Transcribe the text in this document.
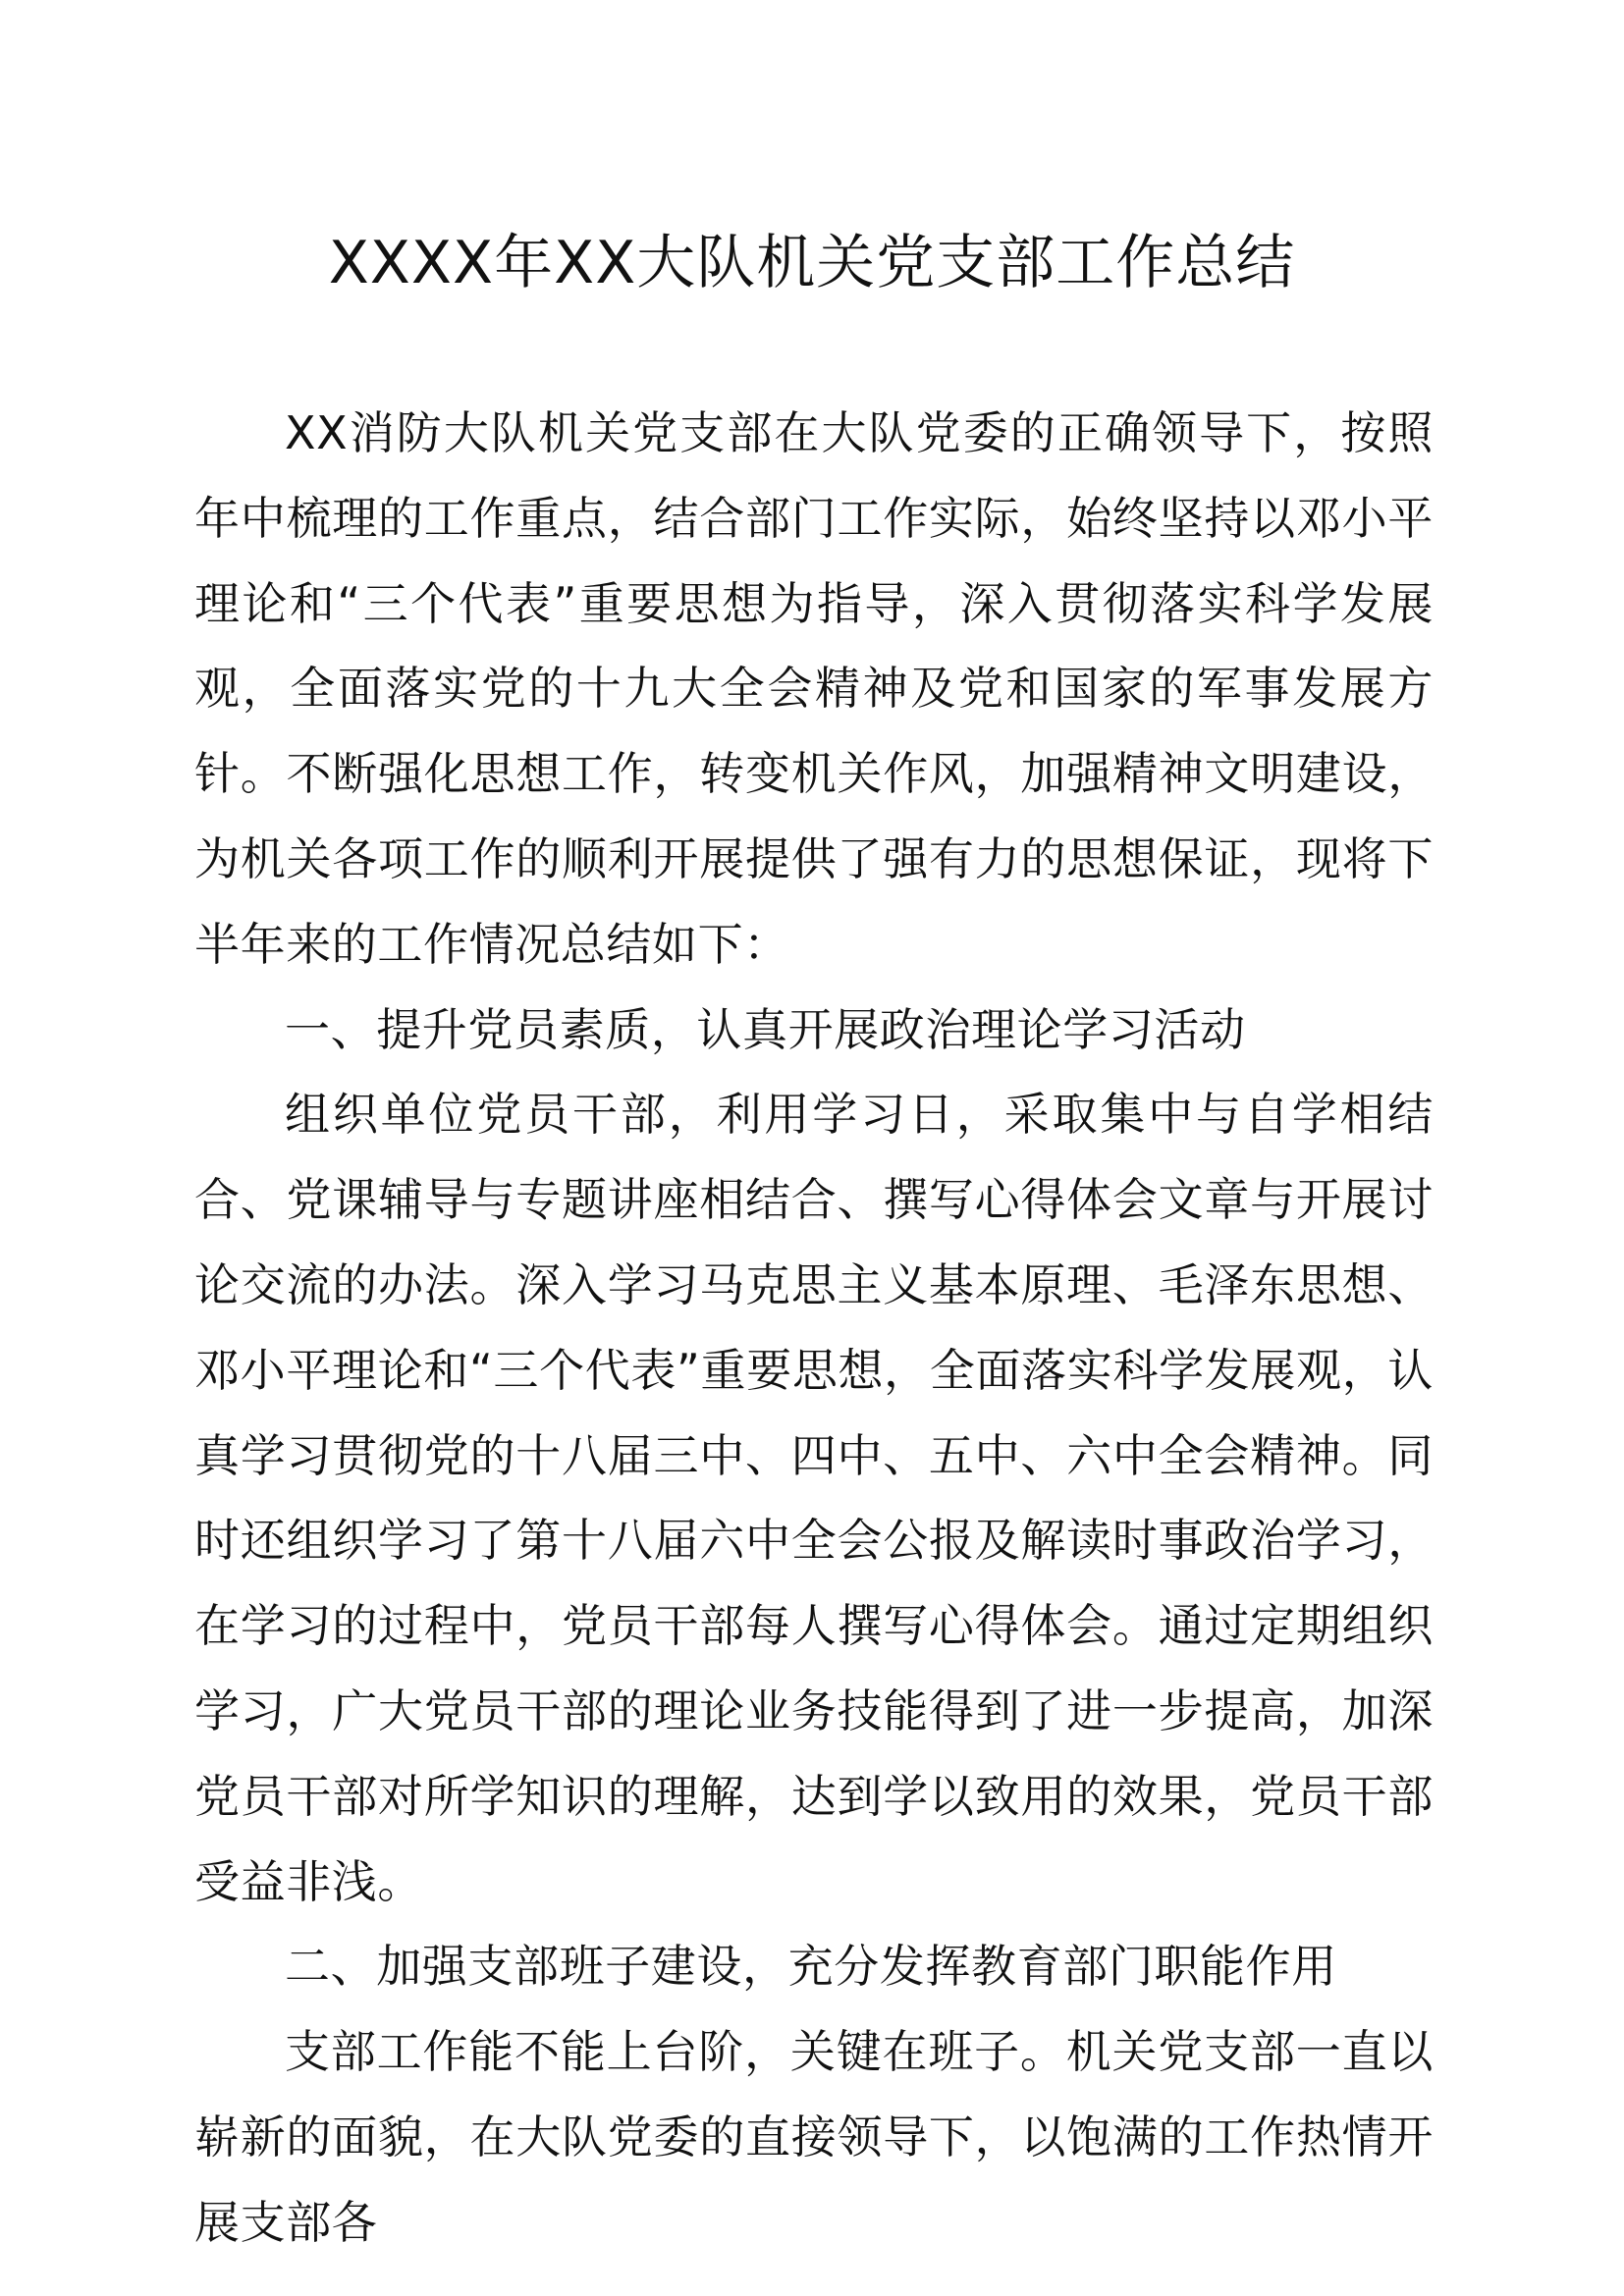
XXXX年XX大队机关党支部工作总结

XX消防大队机关党支部在大队党委的正确领导下，按照年中梳理的工作重点，结合部门工作实际，始终坚持以邓小平理论和“三个代表”重要思想为指导，深入贯彻落实科学发展观，全面落实党的十九大全会精神及党和国家的军事发展方针。不断强化思想工作，转变机关作风，加强精神文明建设，为机关各项工作的顺利开展提供了强有力的思想保证，现将下半年来的工作情况总结如下：

一、提升党员素质，认真开展政治理论学习活动

组织单位党员干部，利用学习日，采取集中与自学相结合、党课辅导与专题讲座相结合、撰写心得体会文章与开展讨论交流的办法。深入学习马克思主义基本原理、毛泽东思想、邓小平理论和“三个代表”重要思想，全面落实科学发展观，认真学习贯彻党的十八届三中、四中、五中、六中全会精神。同时还组织学习了第十八届六中全会公报及解读时事政治学习，在学习的过程中，党员干部每人撰写心得体会。通过定期组织学习，广大党员干部的理论业务技能得到了进一步提高，加深党员干部对所学知识的理解，达到学以致用的效果，党员干部受益非浅。

二、加强支部班子建设，充分发挥教育部门职能作用

支部工作能不能上台阶，关键在班子。机关党支部一直以崭新的面貌，在大队党委的直接领导下，以饱满的工作热情开展支部各
